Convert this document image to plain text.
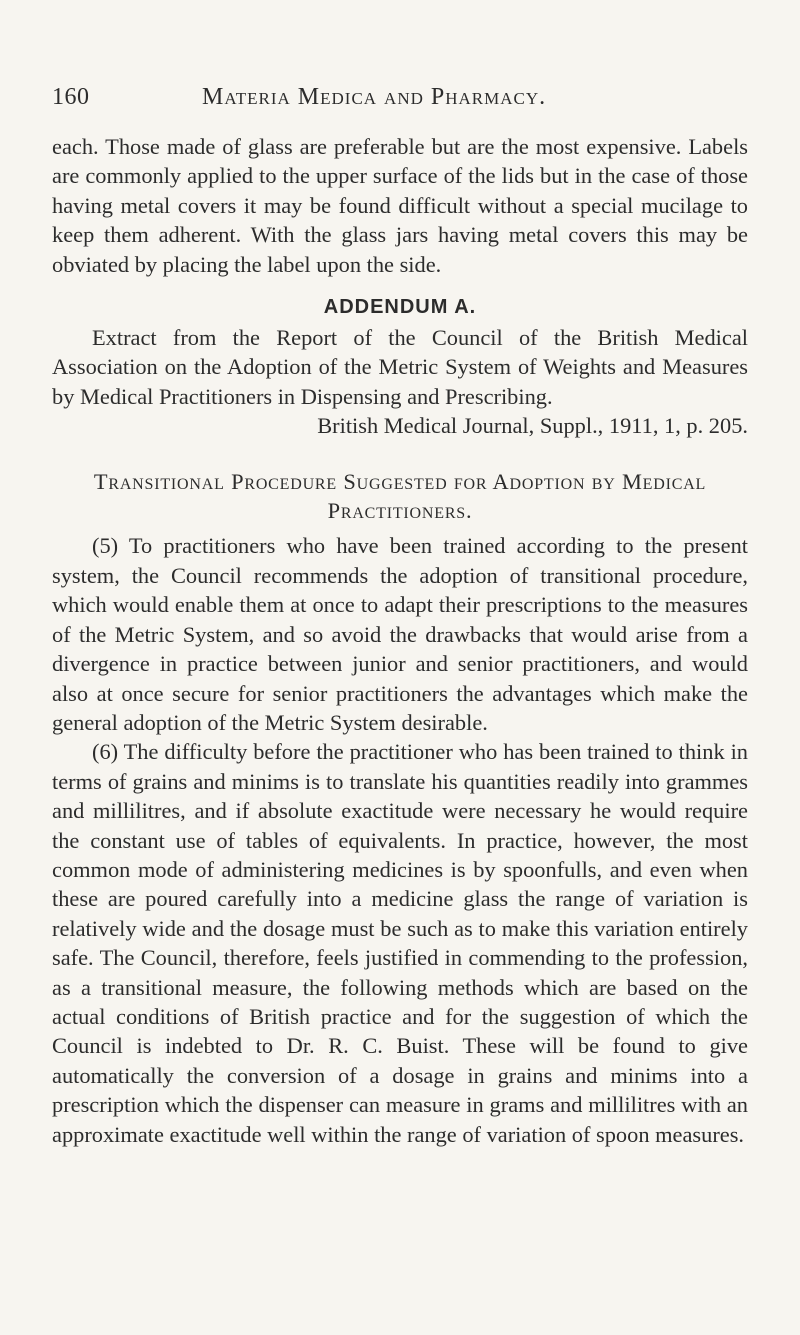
160	Materia Medica and Pharmacy.

each. Those made of glass are preferable but are the most expensive. Labels are commonly applied to the upper surface of the lids but in the case of those having metal covers it may be found difficult without a special mucilage to keep them adherent. With the glass jars having metal covers this may be obviated by placing the label upon the side.

ADDENDUM A.

Extract from the Report of the Council of the British Medical Association on the Adoption of the Metric System of Weights and Measures by Medical Practitioners in Dispensing and Prescribing.

British Medical Journal, Suppl., 1911, 1, p. 205.

Transitional Procedure Suggested for Adoption by Medical Practitioners.

(5) To practitioners who have been trained according to the present system, the Council recommends the adoption of transitional procedure, which would enable them at once to adapt their prescriptions to the measures of the Metric System, and so avoid the drawbacks that would arise from a divergence in practice between junior and senior practitioners, and would also at once secure for senior practitioners the advantages which make the general adoption of the Metric System desirable.

(6) The difficulty before the practitioner who has been trained to think in terms of grains and minims is to translate his quantities readily into grammes and millilitres, and if absolute exactitude were necessary he would require the constant use of tables of equivalents. In practice, however, the most common mode of administering medicines is by spoonfulls, and even when these are poured carefully into a medicine glass the range of variation is relatively wide and the dosage must be such as to make this variation entirely safe. The Council, therefore, feels justified in commending to the profession, as a transitional measure, the following methods which are based on the actual conditions of British practice and for the suggestion of which the Council is indebted to Dr. R. C. Buist. These will be found to give automatically the conversion of a dosage in grains and minims into a prescription which the dispenser can measure in grams and millilitres with an approximate exactitude well within the range of variation of spoon measures.
